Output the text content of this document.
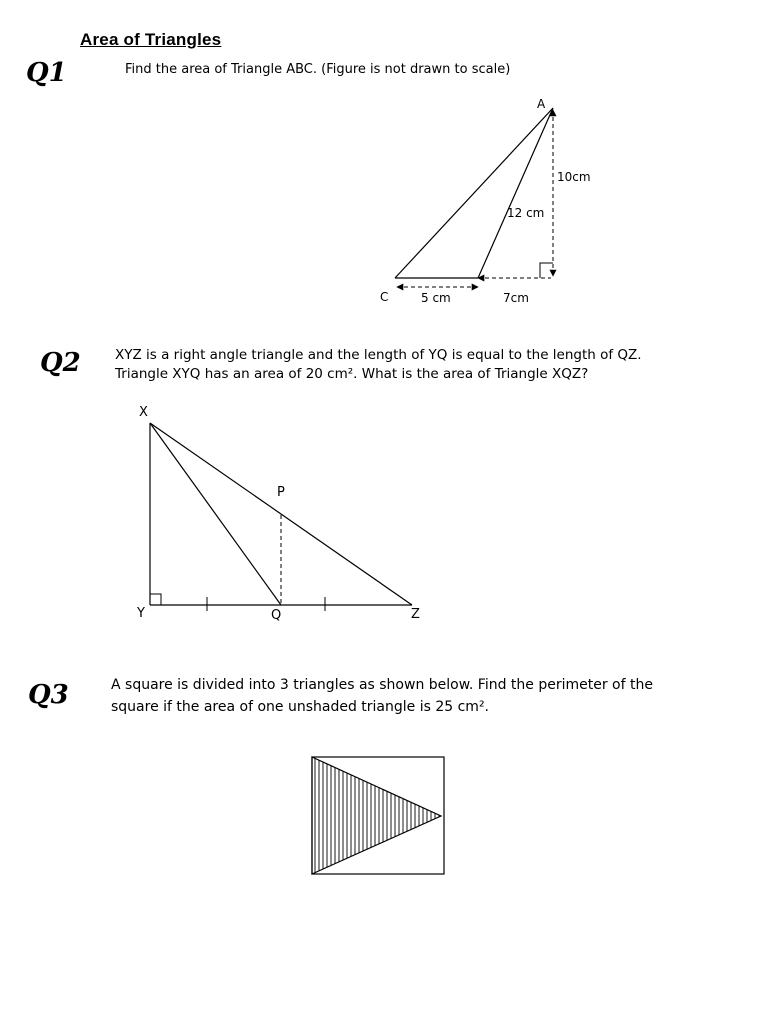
Area of Triangles
Q1	Find the area of Triangle ABC. (Figure is not drawn to scale)
Q2	XYZ is a right angle triangle and the length of YQ is equal to the length of QZ.
Triangle XYQ has an area of 20 cm². What is the area of Triangle XQZ?
Q3	A square is divided into 3 triangles as shown below. Find the perimeter of the
square if the area of one unshaded triangle is 25 cm².
A
C
10cm
12 cm
5 cm	7cm
X
Y	Q	Z
P
